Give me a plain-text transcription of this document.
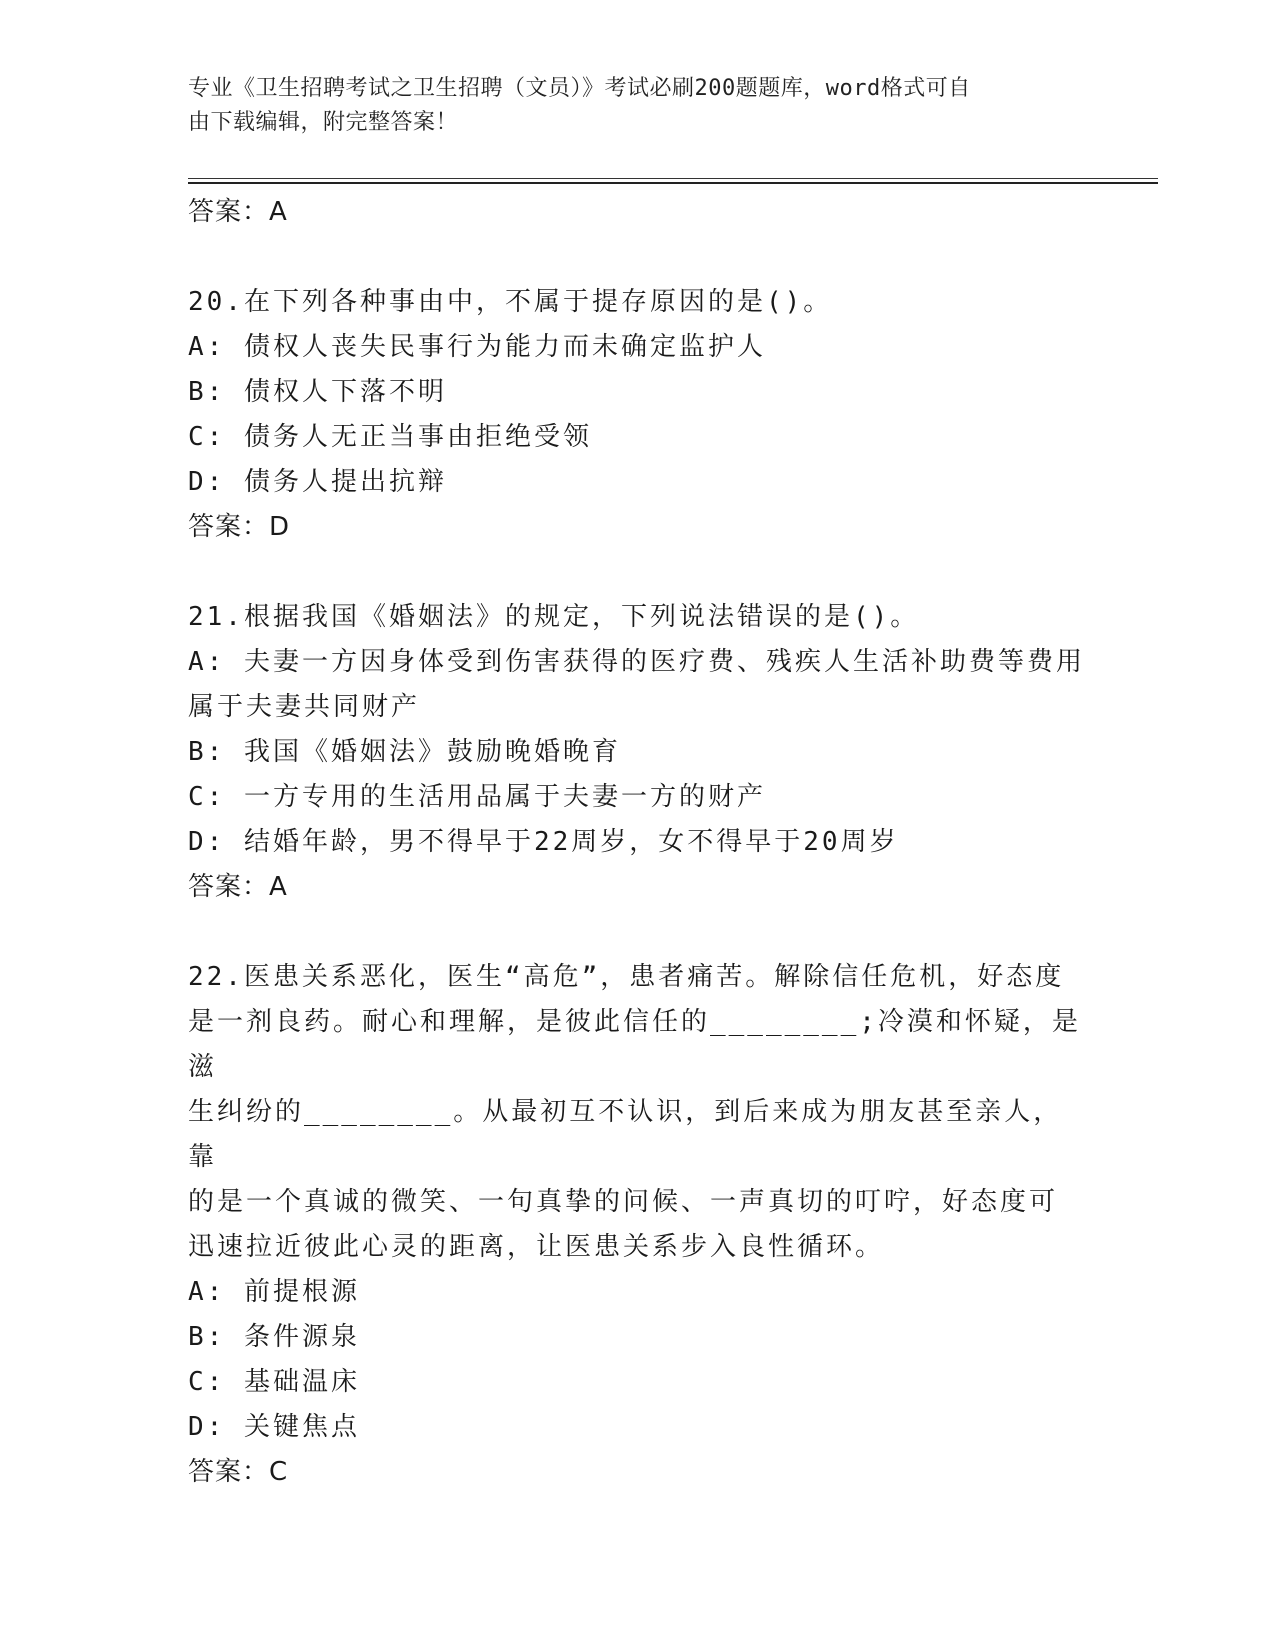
专业《卫生招聘考试之卫生招聘（文员）》考试必刷200题题库，word格式可自

由下载编辑，附完整答案！

答案：A

20.在下列各种事由中，不属于提存原因的是()。

A: 债权人丧失民事行为能力而未确定监护人

B: 债权人下落不明

C: 债务人无正当事由拒绝受领

D: 债务人提出抗辩

答案：D

21.根据我国《婚姻法》的规定，下列说法错误的是()。

A: 夫妻一方因身体受到伤害获得的医疗费、残疾人生活补助费等费用

属于夫妻共同财产

B: 我国《婚姻法》鼓励晚婚晚育

C: 一方专用的生活用品属于夫妻一方的财产

D: 结婚年龄，男不得早于22周岁，女不得早于20周岁

答案：A

22.医患关系恶化，医生“高危”，患者痛苦。解除信任危机，好态度

是一剂良药。耐心和理解，是彼此信任的________;冷漠和怀疑，是滋

生纠纷的________。从最初互不认识，到后来成为朋友甚至亲人，靠

的是一个真诚的微笑、一句真挚的问候、一声真切的叮咛，好态度可

迅速拉近彼此心灵的距离，让医患关系步入良性循环。

A: 前提根源

B: 条件源泉

C: 基础温床

D: 关键焦点

答案：C
